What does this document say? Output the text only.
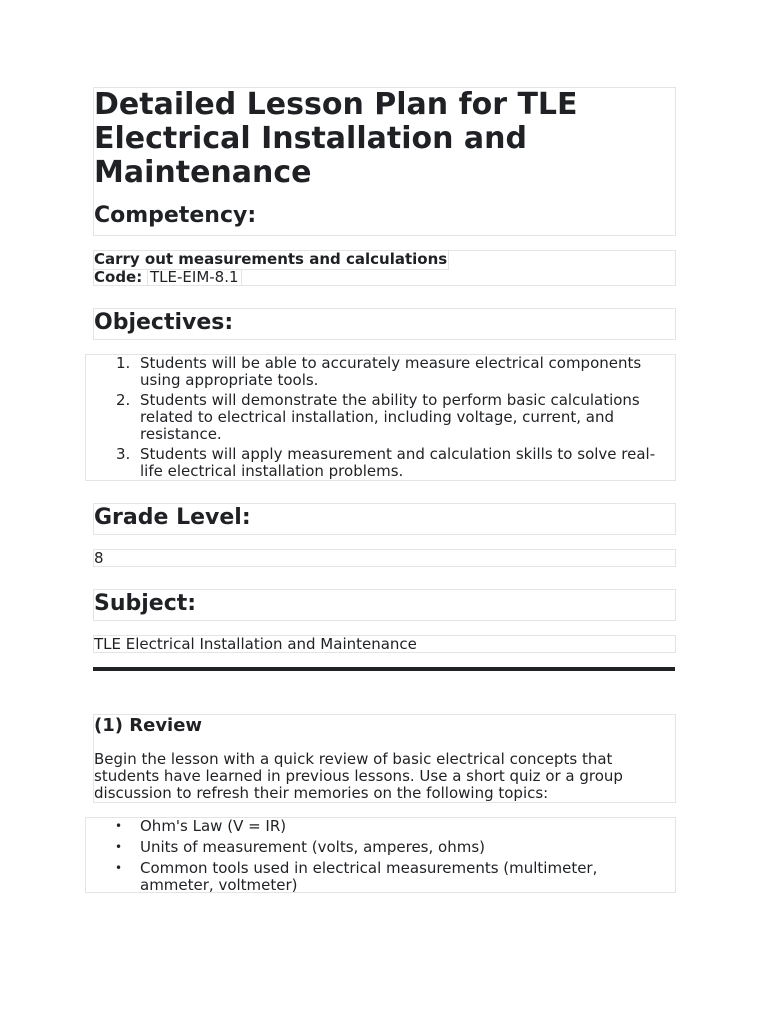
Detailed Lesson Plan for TLE Electrical Installation and Maintenance
Competency:
Carry out measurements and calculations
Code: TLE-EIM-8.1
Objectives:
1. Students will be able to accurately measure electrical components using appropriate tools.
2. Students will demonstrate the ability to perform basic calculations related to electrical installation, including voltage, current, and resistance.
3. Students will apply measurement and calculation skills to solve real-life electrical installation problems.
Grade Level:
8
Subject:
TLE Electrical Installation and Maintenance
(1) Review
Begin the lesson with a quick review of basic electrical concepts that students have learned in previous lessons. Use a short quiz or a group discussion to refresh their memories on the following topics:
• Ohm's Law (V = IR)
• Units of measurement (volts, amperes, ohms)
• Common tools used in electrical measurements (multimeter, ammeter, voltmeter)
